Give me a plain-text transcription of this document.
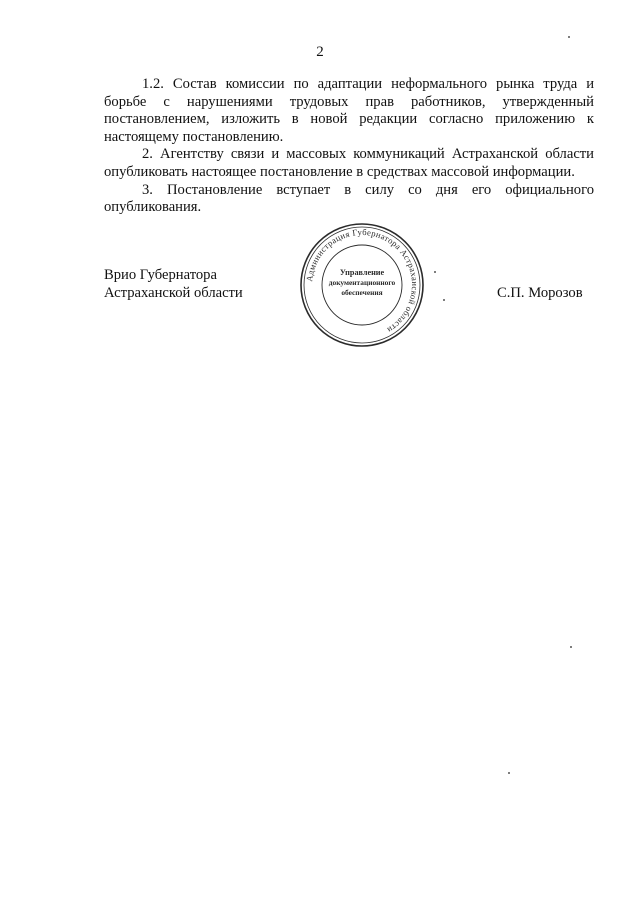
2

1.2. Состав комиссии по адаптации неформального рынка труда и борьбе с нарушениями трудовых прав работников, утвержденный постановлением, изложить в новой редакции согласно приложению к настоящему постановлению.

2. Агентству связи и массовых коммуникаций Астраханской области опубликовать настоящее постановление в средствах массовой информации.

3. Постановление вступает в силу со дня его официального опубликования.

Врио Губернатора
Астраханской области	С.П. Морозов
Администрация Губернатора Астраханской области
Управление
документационного
обеспечения
